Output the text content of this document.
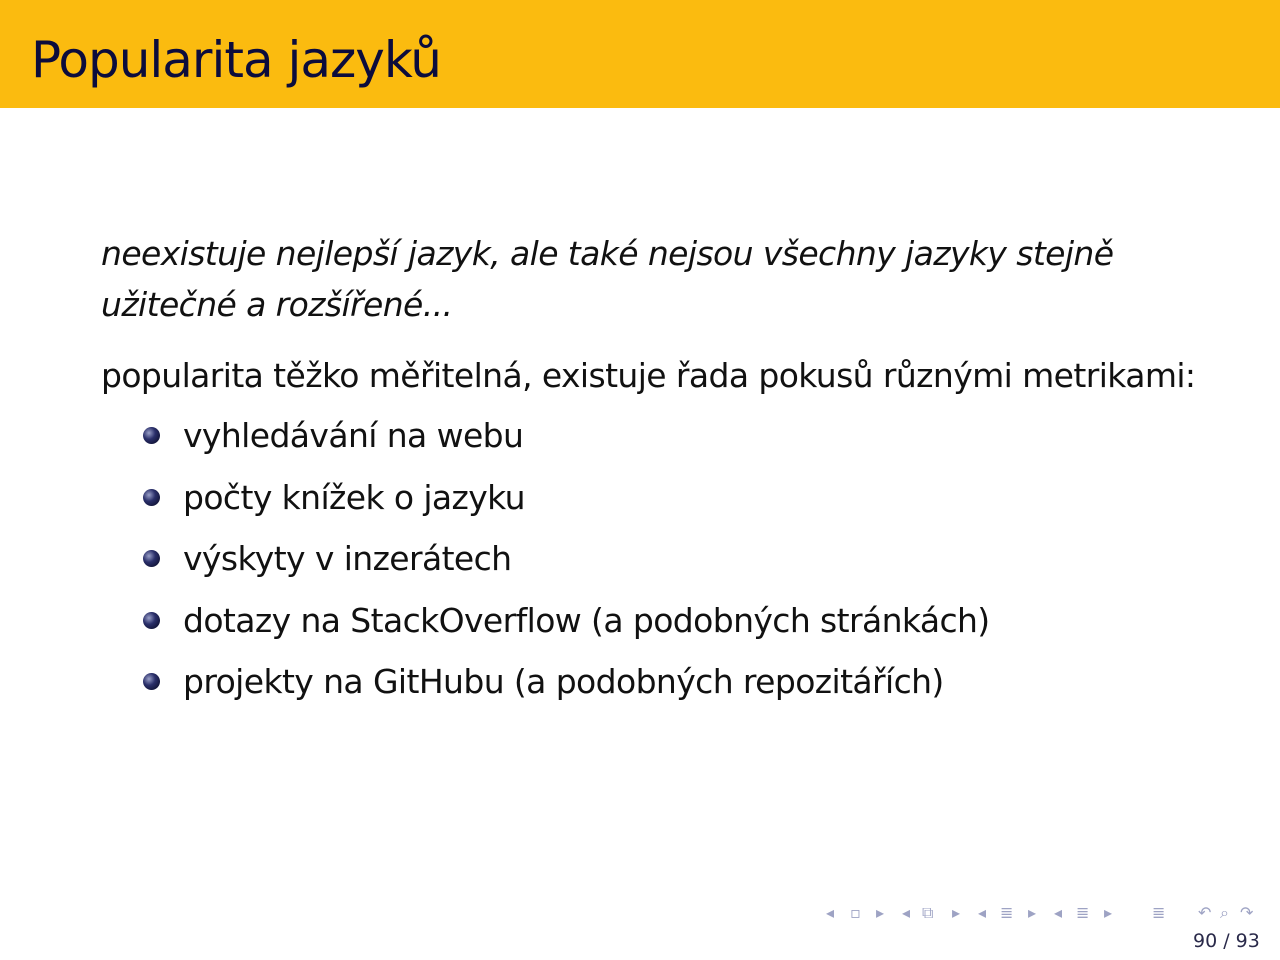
Popularita jazyků

neexistuje nejlepší jazyk, ale také nejsou všechny jazyky stejně užitečné a rozšířené...

popularita těžko měřitelná, existuje řada pokusů různými metrikami:

vyhledávání na webu
počty knížek o jazyku
výskyty v inzerátech
dotazy na StackOverflow (a podobných stránkách)
projekty na GitHubu (a podobných repozitářích)
◂ ▫ ▸ ◂ ⧉ ▸ ◂ ≣ ▸ ◂ ≣ ▸ ≣ ↶ ⌕ ↷
90 / 93
